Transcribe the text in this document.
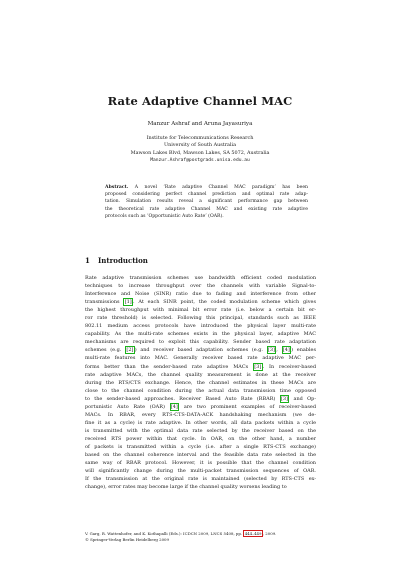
Rate Adaptive Channel MAC
Manzur Ashraf and Aruna Jayasuriya
Institute for Telecommunications Research
University of South Australia
Mawson Lakes Blvd, Mawson Lakes, SA 5072, Australia
Manzur.Ashraf@postgrads.unisa.edu.au
Abstract. A novel ‘Rate adaptive Channel MAC paradigm’ has been
proposed considering perfect channel prediction and optimal rate adap-
tation. Simulation results reveal a significant performance gap between
the theoretical rate adaptive Channel MAC and existing rate adaptive
protocols such as ‘Opportunistic Auto Rate’ (OAR).
1 Introduction
Rate adaptive transmission schemes use bandwidth efficient coded modulation
techniques to increase throughput over the channels with variable Signal-to-
Interference and Noise (SINR) ratio due to fading and interference from other
transmissions [1]. At each SINR point, the coded modulation scheme which gives
the highest throughput with minimal bit error rate (i.e. below a certain bit er-
ror rate threshold) is selected. Following this principal, standards such as IEEE
802.11 medium access protocols have introduced the physical layer multi-rate
capability. As the multi-rate schemes exists in the physical layer, adaptive MAC
mechanisms are required to exploit this capability. Sender based rate adaptation
schemes (e.g. [2]) and receiver based adaptation schemes (e.g. [3], [4]) enables
multi-rate features into MAC. Generally receiver based rate adaptive MAC per-
forms better than the sender-based rate adaptive MACs [3]. In receiver-based
rate adaptive MACs, the channel quality measurement is done at the receiver
during the RTS/CTS exchange. Hence, the channel estimates in these MACs are
close to the channel condition during the actual data transmission time opposed
to the sender-based approaches. Receiver Based Auto Rate (RBAR) [3] and Op-
portunistic Auto Rate (OAR) [4] are two prominent examples of receiver-based
MACs. In RBAR, every RTS-CTS-DATA-ACK handshaking mechanism (we de-
fine it as a cycle) is rate adaptive. In other words, all data packets within a cycle
is transmitted with the optimal data rate selected by the receiver based on the
received RTS power within that cycle. In OAR, on the other hand, a number
of packets is transmitted within a cycle (i.e. after a single RTS-CTS exchange)
based on the channel coherence interval and the feasible data rate selected in the
same way of RBAR protocol. However, it is possible that the channel condition
will significantly change during the multi-packet transmission sequences of OAR.
If the transmission at the original rate is maintained (selected by RTS-CTS ex-
change), error rates may become large if the channel quality worsens leading to
V. Garg, R. Wattenhofer, and K. Kothapalli (Eds.): ICDCN 2009, LNCS 5408, pp. 444–449, 2009.
© Springer-Verlag Berlin Heidelberg 2009
